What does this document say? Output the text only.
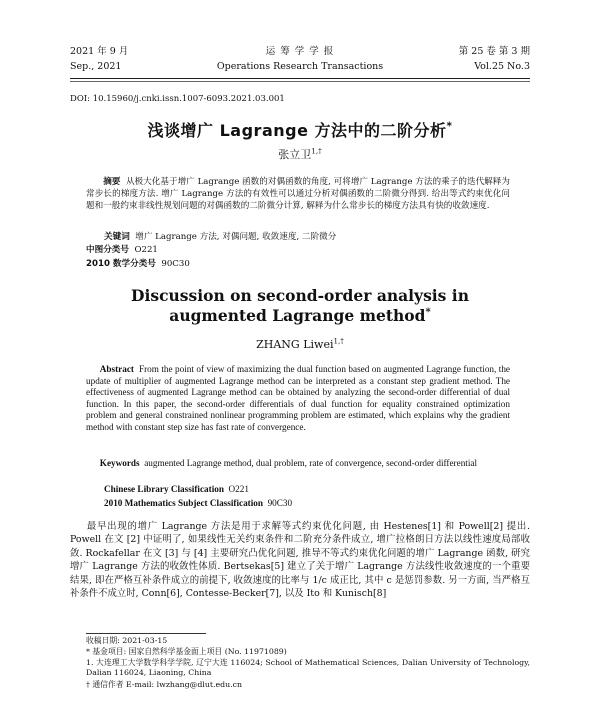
2021 年 9 月	运 筹 学 学 报	第 25 卷 第 3 期
Sep., 2021	Operations Research Transactions	Vol.25 No.3
DOI: 10.15960/j.cnki.issn.1007-6093.2021.03.001
浅谈增广 Lagrange 方法中的二阶分析*
张立卫$^{1,\dagger}$
摘要 从极大化基于增广 Lagrange 函数的对偶函数的角度, 可将增广 Lagrange 方法的乘子的迭代解释为常步长的梯度方法. 增广 Lagrange 方法的有效性可以通过分析对偶函数的二阶微分得到. 给出等式约束优化问题和一般约束非线性规划问题的对偶函数的二阶微分计算, 解释为什么常步长的梯度方法具有快的收敛速度.
关键词 增广 Lagrange 方法, 对偶问题, 收敛速度, 二阶微分
中图分类号 O221
2010 数学分类号 90C30
Discussion on second-order analysis in
augmented Lagrange method*
ZHANG Liwei$^{1,\dagger}$
Abstract From the point of view of maximizing the dual function based on augmented Lagrange function, the update of multiplier of augmented Lagrange method can be interpreted as a constant step gradient method. The effectiveness of augmented Lagrange method can be obtained by analyzing the second-order differential of dual function. In this paper, the second-order differentials of dual function for equality constrained optimization problem and general constrained nonlinear programming problem are estimated, which explains why the gradient method with constant step size has fast rate of convergence.
Keywords augmented Lagrange method, dual problem, rate of convergence, second-order differential
Chinese Library Classification O221
2010 Mathematics Subject Classification 90C30
最早出现的增广 Lagrange 方法是用于求解等式约束优化问题, 由 Hestenes[1] 和 Powell[2] 提出. Powell 在文 [2] 中证明了, 如果线性无关约束条件和二阶充分条件成立, 增广拉格朗日方法以线性速度局部收敛. Rockafellar 在文 [3] 与 [4] 主要研究凸优化问题, 推导不等式约束优化问题的增广 Lagrange 函数, 研究增广 Lagrange 方法的收敛性体质. Bertsekas[5] 建立了关于增广 Lagrange 方法线性收敛速度的一个重要结果, 即在严格互补条件成立的前提下, 收敛速度的比率与 1/c 成正比, 其中 c 是惩罚参数. 另一方面, 当严格互补条件不成立时, Conn[6], Contesse-Becker[7], 以及 Ito 和 Kunisch[8]
收稿日期: 2021-03-15
* 基金项目: 国家自然科学基金面上项目 (No. 11971089)
1. 大连理工大学数学科学学院, 辽宁大连 116024; School of Mathematical Sciences, Dalian University of Technology, Dalian 116024, Liaoning, China
† 通信作者 E-mail: lwzhang@dlut.edu.cn
